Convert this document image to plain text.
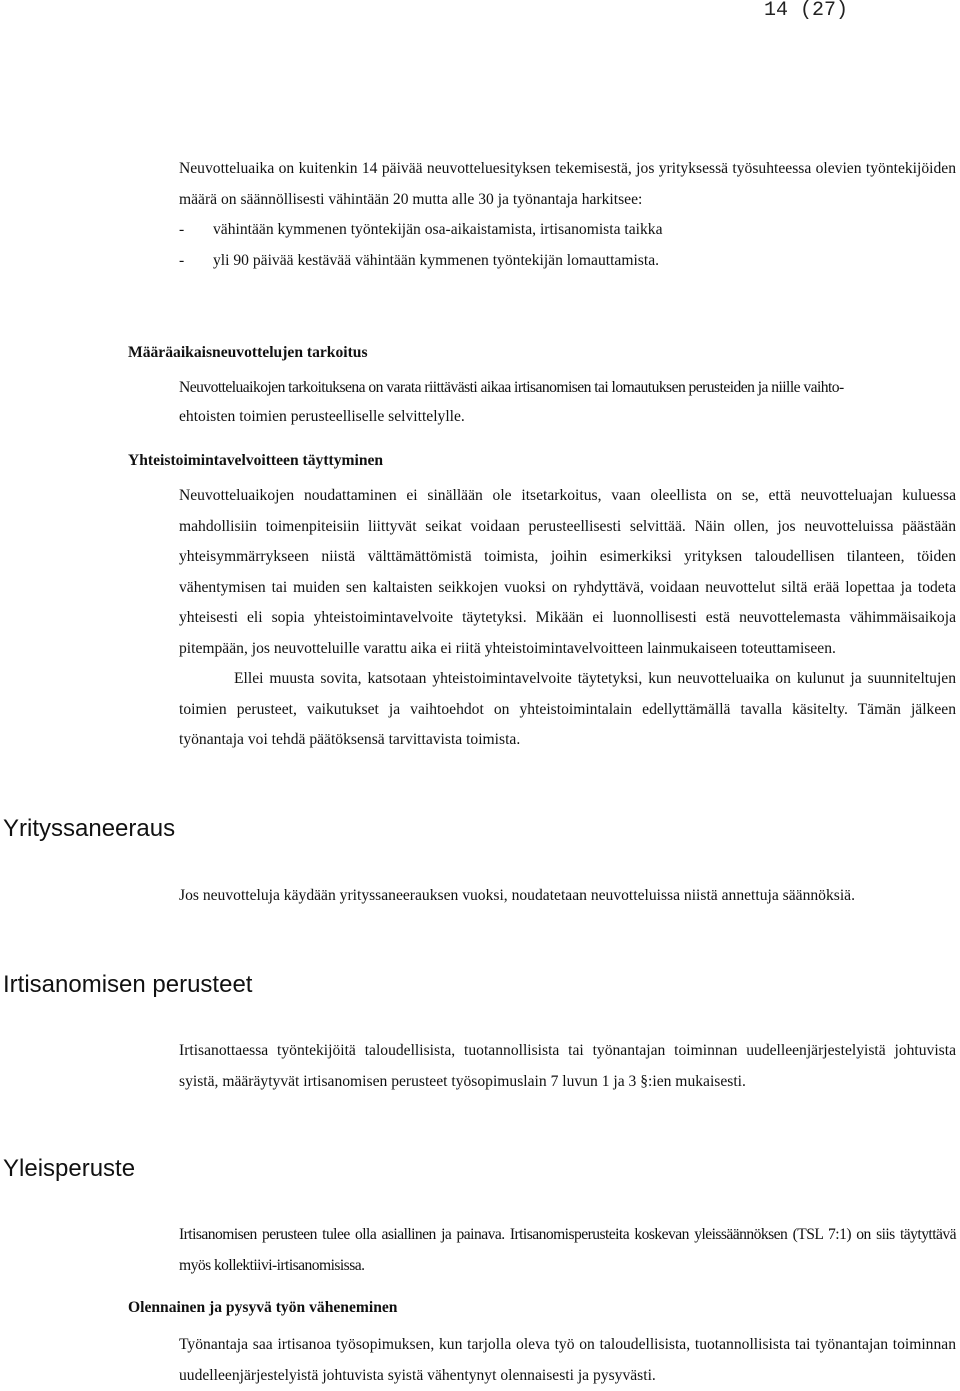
14 (27)

Neuvotteluaika on kuitenkin 14 päivää neuvotteluesityksen tekemisestä, jos yrityksessä työsuhteessa olevien työntekijöiden määrä on säännöllisesti vähintään 20 mutta alle 30 ja työnantaja harkitsee:

-	vähintään kymmenen työntekijän osa-aikaistamista, irtisanomista taikka
-	yli 90 päivää kestävää vähintään kymmenen työntekijän lomauttamista.
Määräaikaisneuvottelujen tarkoitus

Neuvotteluaikojen tarkoituksena on varata riittävästi aikaa irtisanomisen tai lomautuksen perusteiden ja niille vaihto-
ehtoisten toimien perusteelliselle selvittelylle.

Yhteistoimintavelvoitteen täyttyminen

Neuvotteluaikojen noudattaminen ei sinällään ole itsetarkoitus, vaan oleellista on se, että neuvotteluajan kuluessa mahdollisiin toimenpiteisiin liittyvät seikat voidaan perusteellisesti selvittää. Näin ollen, jos neuvotteluissa päästään yhteisymmärrykseen niistä välttämättömistä toimista, joihin esimerkiksi yrityksen taloudellisen tilanteen, töiden vähentymisen tai muiden sen kaltaisten seikkojen vuoksi on ryhdyttävä, voidaan neuvottelut siltä erää lopettaa ja todeta yhteisesti eli sopia yhteistoimintavelvoite täytetyksi. Mikään ei luonnollisesti estä neuvottelemasta vähimmäisaikoja pitempään, jos neuvotteluille varattu aika ei riitä yhteistoimintavelvoitteen lainmukaiseen toteuttamiseen.

Ellei muusta sovita, katsotaan yhteistoimintavelvoite täytetyksi, kun neuvotteluaika on kulunut ja suunniteltujen toimien perusteet, vaikutukset ja vaihtoehdot on yhteistoimintalain edellyttämällä tavalla käsitelty. Tämän jälkeen työnantaja voi tehdä päätöksensä tarvittavista toimista.

Yrityssaneeraus

Jos neuvotteluja käydään yrityssaneerauksen vuoksi, noudatetaan neuvotteluissa niistä annettuja säännöksiä.

Irtisanomisen perusteet

Irtisanottaessa työntekijöitä taloudellisista, tuotannollisista tai työnantajan toiminnan uudelleenjärjestelyistä johtuvista syistä, määräytyvät irtisanomisen perusteet työsopimuslain 7 luvun 1 ja 3 §:ien mukaisesti.

Yleisperuste

Irtisanomisen perusteen tulee olla asiallinen ja painava. Irtisanomisperusteita koskevan yleissäännöksen (TSL 7:1) on siis täytyttävä myös kollektiivi-irtisanomisissa.

Olennainen ja pysyvä työn väheneminen

Työnantaja saa irtisanoa työsopimuksen, kun tarjolla oleva työ on taloudellisista, tuotannollisista tai työnantajan toiminnan uudelleenjärjestelyistä johtuvista syistä vähentynyt olennaisesti ja pysyvästi.
